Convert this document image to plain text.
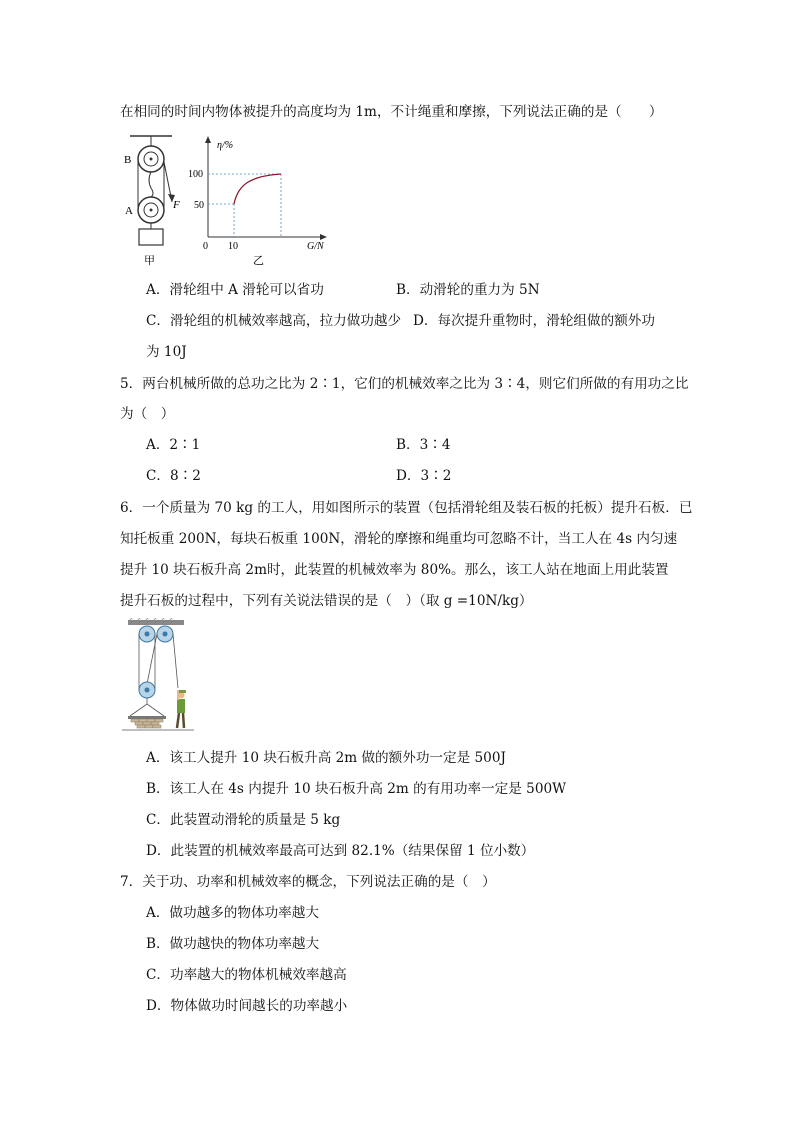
在相同的时间内物体被提升的高度均为 1m，不计绳重和摩擦，下列说法正确的是（　　）
B
A	F
甲
η/%
100
50
0 10	G/N
乙
A．滑轮组中 A 滑轮可以省功	B．动滑轮的重力为 5N
C．滑轮组的机械效率越高，拉力做功越少 D．每次提升重物时，滑轮组做的额外功
为 10J
5．两台机械所做的总功之比为 2∶1，它们的机械效率之比为 3∶4，则它们所做的有用功之比
为（　）
A．2∶1	B．3∶4
C．8∶2	D．3∶2
6．一个质量为 70 kg 的工人，用如图所示的装置（包括滑轮组及装石板的托板）提升石板．已
知托板重 200N，每块石板重 100N，滑轮的摩擦和绳重均可忽略不计，当工人在 4s 内匀速
提升 10 块石板升高 2m时，此装置的机械效率为 80%。那么，该工人站在地面上用此装置
提升石板的过程中，下列有关说法错误的是（　）（取 g =10N/kg）
A．该工人提升 10 块石板升高 2m 做的额外功一定是 500J
B．该工人在 4s 内提升 10 块石板升高 2m 的有用功率一定是 500W
C．此装置动滑轮的质量是 5 kg
D．此装置的机械效率最高可达到 82.1%（结果保留 1 位小数）
7．关于功、功率和机械效率的概念，下列说法正确的是（　）
A．做功越多的物体功率越大
B．做功越快的物体功率越大
C．功率越大的物体机械效率越高
D．物体做功时间越长的功率越小
